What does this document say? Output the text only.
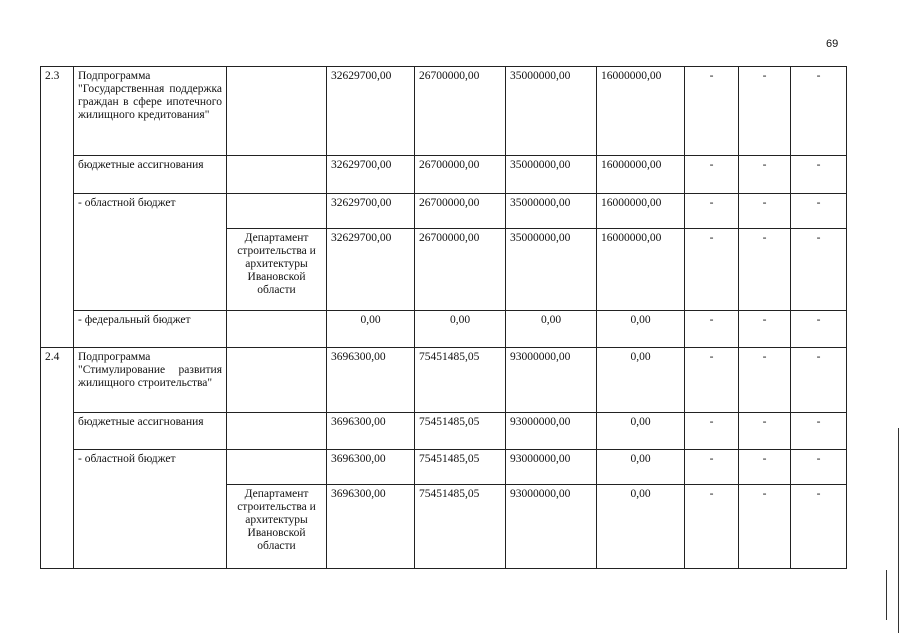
69
2.3	Подпрограмма "Государственная поддержка граждан в сфере ипотечного жилищного кредитования"		32629700,00	26700000,00	35000000,00	16000000,00	-	-	-
	бюджетные ассигнования		32629700,00	26700000,00	35000000,00	16000000,00	-	-	-
	- областной бюджет		32629700,00	26700000,00	35000000,00	16000000,00	-	-	-
		Департамент строительства и архитектуры Ивановской области	32629700,00	26700000,00	35000000,00	16000000,00	-	-	-
	- федеральный бюджет		0,00	0,00	0,00	0,00	-	-	-
2.4	Подпрограмма "Стимулирование развития жилищного строительства"		3696300,00	75451485,05	93000000,00	0,00	-	-	-
	бюджетные ассигнования		3696300,00	75451485,05	93000000,00	0,00	-	-	-
	- областной бюджет		3696300,00	75451485,05	93000000,00	0,00	-	-	-
		Департамент строительства и архитектуры Ивановской области	3696300,00	75451485,05	93000000,00	0,00	-	-	-
